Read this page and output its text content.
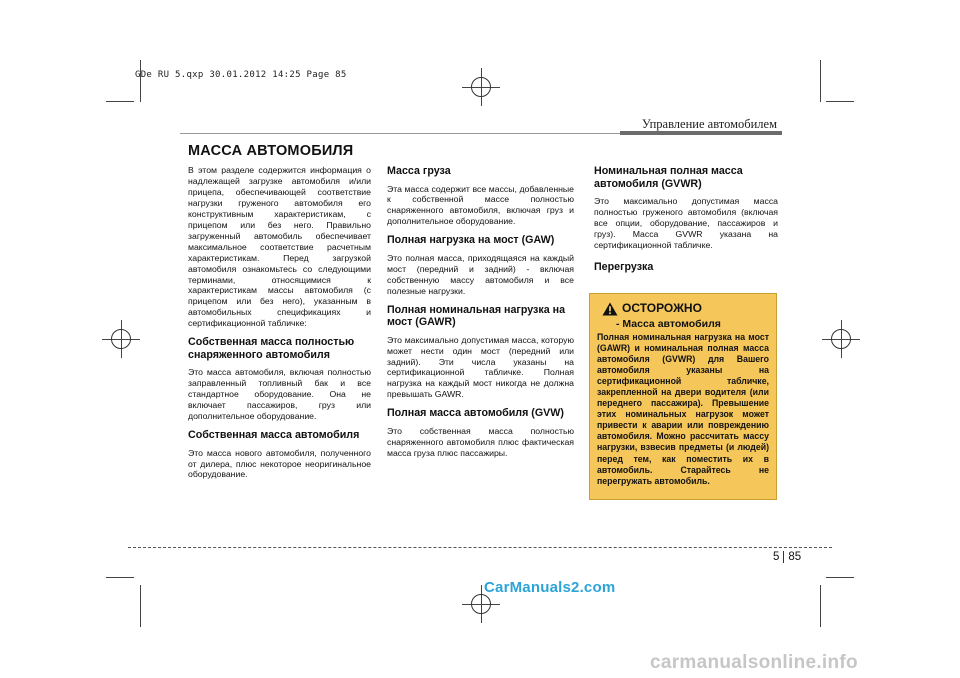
GDe RU 5.qxp 30.01.2012 14:25 Page 85
Управление автомобилем
МАССА АВТОМОБИЛЯ

В этом разделе содержится информация о надлежащей загрузке автомобиля и/или прицепа, обеспечивающей соответствие нагрузки груженого автомобиля его конструктивным характеристикам, с прицепом или без него. Правильно загруженный автомобиль обеспечивает максимальное соответствие расчетным характеристикам. Перед загрузкой автомобиля ознакомьтесь со следующими терминами, относящимися к характеристикам массы автомобиля (с прицепом или без него), указанным в автомобильных спецификациях и сертификационной табличке:

Собственная масса полностью снаряженного автомобиля

Это масса автомобиля, включая полностью заправленный топливный бак и все стандартное оборудование. Она не включает пассажиров, груз или дополнительное оборудование.

Собственная масса автомобиля

Это масса нового автомобиля, полученного от дилера, плюс некоторое неоригинальное оборудование.

Масса груза

Эта масса содержит все массы, добавленные к собственной массе полностью снаряженного автомобиля, включая груз и дополнительное оборудование.

Полная нагрузка на мост (GAW)

Это полная масса, приходящаяся на каждый мост (передний и задний) - включая собственную массу автомобиля и все полезные нагрузки.

Полная номинальная нагрузка на мост (GAWR)

Это максимально допустимая масса, которую может нести один мост (передний или задний). Эти числа указаны на сертификационной табличке. Полная нагрузка на каждый мост никогда не должна превышать GAWR.

Полная масса автомобиля (GVW)

Это собственная масса полностью снаряженного автомобиля плюс фактическая масса груза плюс пассажиры.

Номинальная полная масса автомобиля (GVWR)

Это максимально допустимая масса полностью груженого автомобиля (включая все опции, оборудование, пассажиров и груз). Масса GVWR указана на сертификационной табличке.

Перегрузка
ОСТОРОЖНО
- Масса автомобиля
Полная номинальная нагрузка на мост (GAWR) и номинальная полная масса автомобиля (GVWR) для Вашего автомобиля указаны на сертификационной табличке, закрепленной на двери водителя (или переднего пассажира). Превышение этих номинальных нагрузок может привести к аварии или повреждению автомобиля. Можно рассчитать массу нагрузки, взвесив предметы (и людей) перед тем, как поместить их в автомобиль. Старайтесь не перегружать автомобиль.
5 85
CarManuals2.com
carmanualsonline.info
